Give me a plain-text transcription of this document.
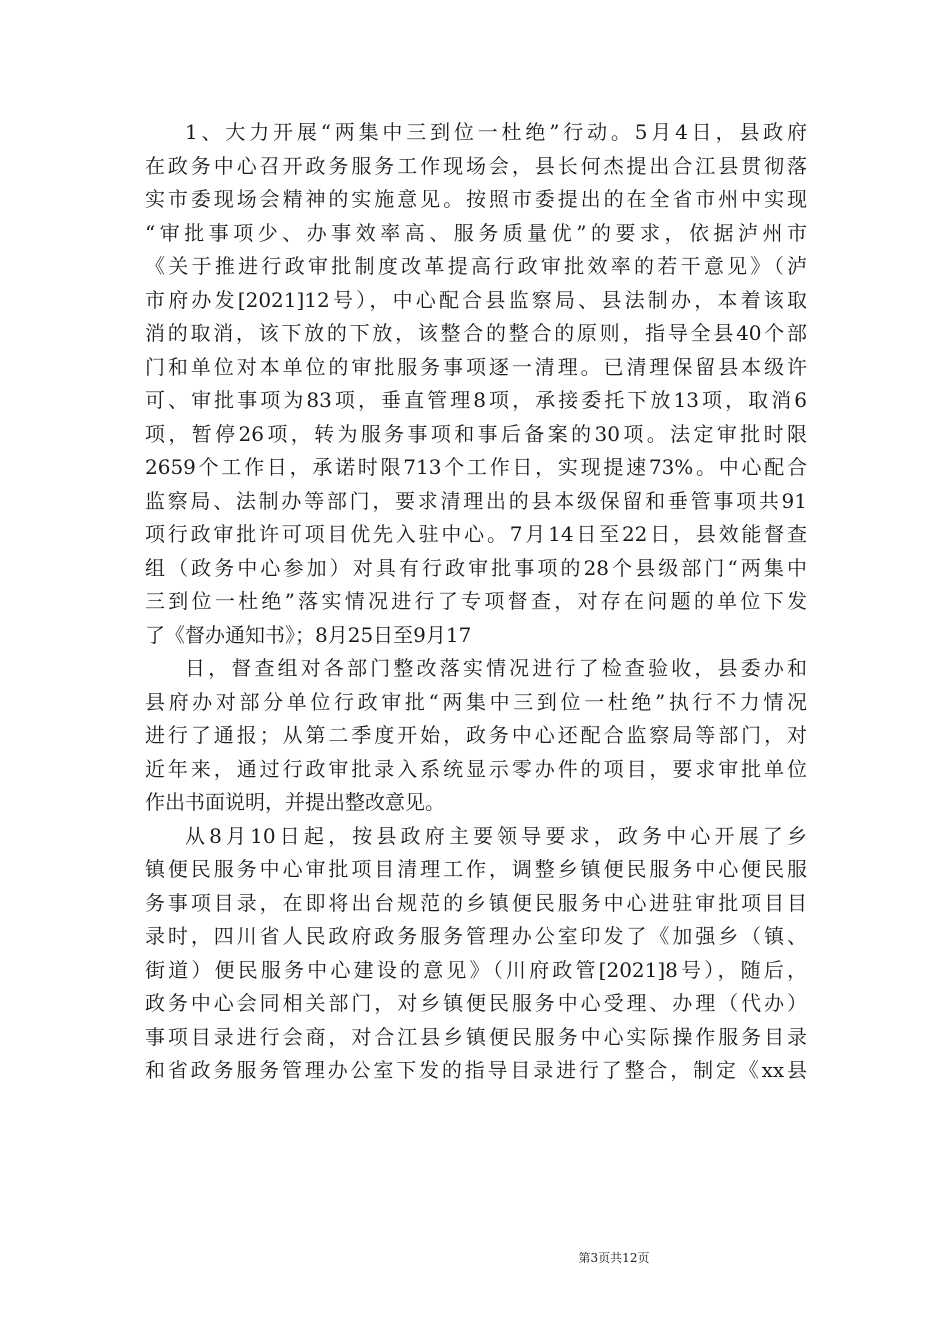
1、大力开展“两集中三到位一杜绝”行动。5月4日，县政府
在政务中心召开政务服务工作现场会，县长何杰提出合江县贯彻落
实市委现场会精神的实施意见。按照市委提出的在全省市州中实现
“审批事项少、办事效率高、服务质量优”的要求，依据泸州市
《关于推进行政审批制度改革提高行政审批效率的若干意见》（泸
市府办发[2021]12号），中心配合县监察局、县法制办，本着该取
消的取消，该下放的下放，该整合的整合的原则，指导全县40个部
门和单位对本单位的审批服务事项逐一清理。已清理保留县本级许
可、审批事项为83项，垂直管理8项，承接委托下放13项，取消6
项，暂停26项，转为服务事项和事后备案的30项。法定审批时限
2659个工作日，承诺时限713个工作日，实现提速73%。中心配合
监察局、法制办等部门，要求清理出的县本级保留和垂管事项共91
项行政审批许可项目优先入驻中心。7月14日至22日，县效能督查
组（政务中心参加）对具有行政审批事项的28个县级部门“两集中
三到位一杜绝”落实情况进行了专项督查，对存在问题的单位下发
了《督办通知书》；8月25日至9月17
日，督查组对各部门整改落实情况进行了检查验收，县委办和
县府办对部分单位行政审批“两集中三到位一杜绝”执行不力情况
进行了通报；从第二季度开始，政务中心还配合监察局等部门，对
近年来，通过行政审批录入系统显示零办件的项目，要求审批单位
作出书面说明，并提出整改意见。
从8月10日起，按县政府主要领导要求，政务中心开展了乡
镇便民服务中心审批项目清理工作，调整乡镇便民服务中心便民服
务事项目录，在即将出台规范的乡镇便民服务中心进驻审批项目目
录时，四川省人民政府政务服务管理办公室印发了《加强乡（镇、
街道）便民服务中心建设的意见》（川府政管[2021]8号），随后，
政务中心会同相关部门，对乡镇便民服务中心受理、办理（代办）
事项目录进行会商，对合江县乡镇便民服务中心实际操作服务目录
和省政务服务管理办公室下发的指导目录进行了整合，制定《xx县
第3页共12页
